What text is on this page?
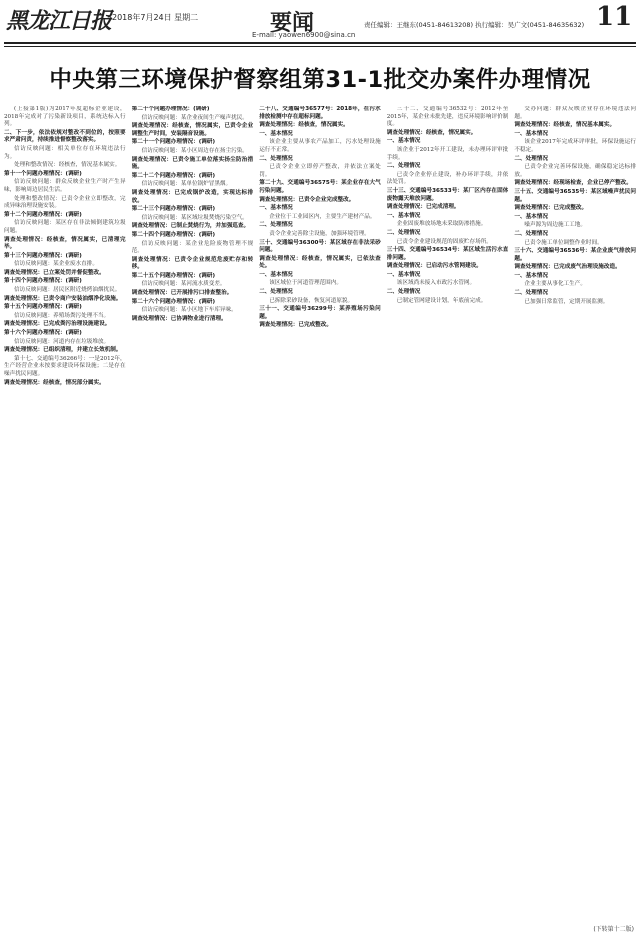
黑龙江日报 2018年7月24日 星期二	要闻
E-mail: yaowen6900@sina.cn
责任编辑：王继东(0451-84613208) 执行编辑：吴广文(0451-84635632) 11
中央第三环境保护督察组第31-1批交办案件办理情况

(上接第1版)为2017年度超标企业建设，2018年完成对了污染新设项目，系统达标入行列。

二、下一步，依法依规对整改不到位的，按照要求严肃问责，持续推进督察整改落实。

信访反映问题：相关单位存在环境违法行为。

处理和整改情况：经核查，情况基本属实。

第十一个问题办理情况：(调研)

信访反映问题：群众反映企业生产时产生异味，影响周边居民生活。

处理和整改情况：已责令企业立即整改，完成异味治理设施安装。

第十二个问题办理情况：(调研)

信访反映问题：某区存在非法倾倒建筑垃圾问题。

调查处理情况：经核查，情况属实，已清理完毕。

第十三个问题办理情况：(调研)

信访反映问题：某企业废水直排。

调查处理情况：已立案处罚并督促整改。

第十四个问题办理情况：(调研)

信访反映问题：居民区附近烧烤油烟扰民。

调查处理情况：已责令商户安装油烟净化设施。

第十五个问题办理情况：(调研)

信访反映问题：养殖场粪污处理不当。

调查处理情况：已完成粪污治理设施建设。

第十六个问题办理情况：(调研)

信访反映问题：河道内存在垃圾堆放。

调查处理情况：已组织清理，并建立长效机制。

第十七、交通编号36266号：一是2012年，生产经营企业未按要求建设环保设施；二是存在噪声扰民问题。

调查处理情况：经核查，情况部分属实。

第二十个问题办理情况：(调研)

信访反映问题：某企业夜间生产噪声扰民。

调查处理情况：经核查，情况属实，已责令企业调整生产时间，安装隔音设施。

第二十一个问题办理情况：(调研)

信访反映问题：某小区周边存在扬尘污染。

调查处理情况：已责令施工单位落实扬尘防治措施。

第二十二个问题办理情况：(调研)

信访反映问题：某单位锅炉冒黑烟。

调查处理情况：已完成锅炉改造，实现达标排放。

第二十三个问题办理情况：(调研)

信访反映问题：某区域垃圾焚烧污染空气。

调查处理情况：已制止焚烧行为，并加强巡查。

第二十四个问题办理情况：(调研)

信访反映问题：某企业危险废物管理不规范。

调查处理情况：已责令企业规范危废贮存和转移。

第二十五个问题办理情况：(调研)

信访反映问题：某河流水质变差。

调查处理情况：已开展排污口排查整治。

第二十六个问题办理情况：(调研)

信访反映问题：某小区地下车库异味。

调查处理情况：已协调物业进行清理。

二十八、交通编号36577号：2018年，在污水排放检测中存在超标问题。

调查处理情况：经核查，情况属实。

一、基本情况

该企业主要从事农产品加工，污水处理设施运行不正常。

二、处理情况

已责令企业立即停产整改，并依法立案处罚。

第二十九、交通编号36575号：某企业存在大气污染问题。

调查处理情况：已责令企业完成整改。

一、基本情况

企业位于工业园区内，主要生产建材产品。

二、处理情况

责令企业完善除尘设施，加强环境管理。

三十、交通编号36300号：某区域存在非法采砂问题。

调查处理情况：经核查，情况属实，已依法查处。

一、基本情况

该区域位于河道管理范围内。

二、处理情况

已拆除采砂设备，恢复河道原貌。

三十一、交通编号36299号：某养殖场污染问题。

调查处理情况：已完成整改。

三十二、交通编号36532号：2012年至2015年，某企业未批先建，违反环境影响评价制度。

调查处理情况：经核查，情况属实。

一、基本情况

该企业于2012年开工建设，未办理环评审批手续。

二、处理情况

已责令企业停止建设，补办环评手续，并依法处罚。

三十三、交通编号36533号：某厂区内存在固体废物露天堆放问题。

调查处理情况：已完成清理。

一、基本情况

企业固废堆放场地未采取防渗措施。

二、处理情况

已责令企业建设规范的固废贮存场所。

三十四、交通编号36534号：某区域生活污水直排问题。

调查处理情况：已启动污水管网建设。

一、基本情况

该区域尚未接入市政污水管网。

二、处理情况

已制定管网建设计划，年底前完成。

交办问题：群众反映企业存在环境违法问题。

调查处理情况：经核查，情况基本属实。

一、基本情况

该企业2017年完成环评审批，环保设施运行不稳定。

二、处理情况

已责令企业完善环保设施，确保稳定达标排放。

调查处理情况：经现场检查，企业已停产整改。

三十五、交通编号36535号：某区域噪声扰民问题。

调查处理情况：已完成整改。

一、基本情况

噪声源为周边施工工地。

二、处理情况

已责令施工单位调整作业时间。

三十六、交通编号36536号：某企业废气排放问题。

调查处理情况：已完成废气治理设施改造。

一、基本情况

企业主要从事化工生产。

二、处理情况

已加强日常监管，定期开展监测。

(下转第十二版)
